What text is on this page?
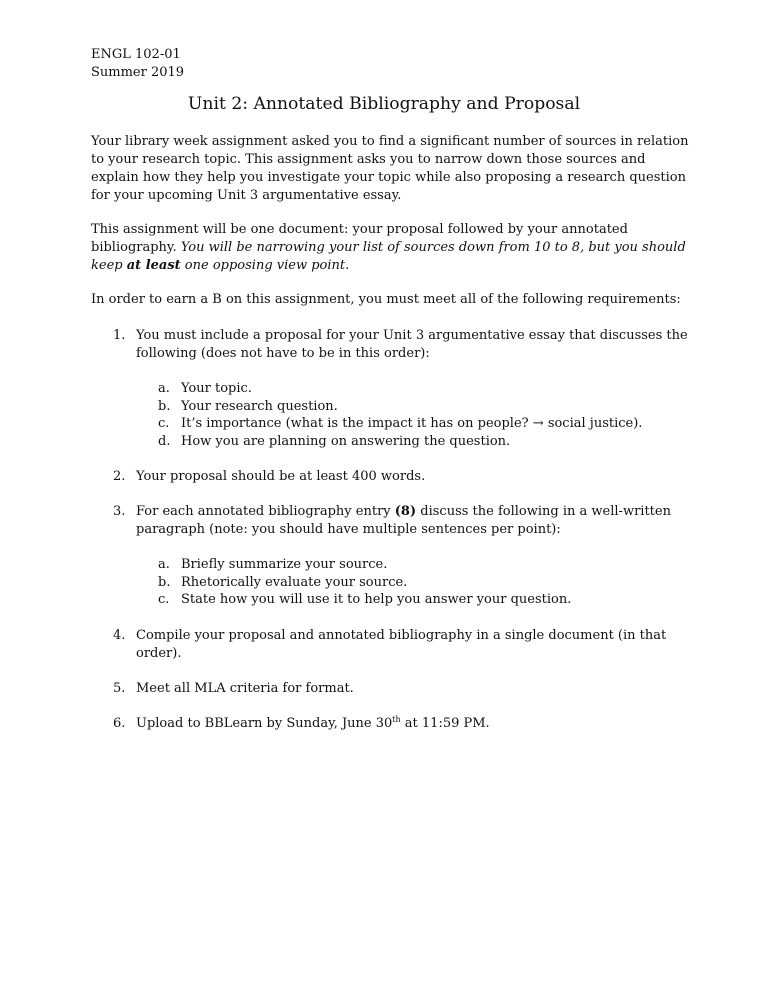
ENGL 102-01
Summer 2019
Unit 2: Annotated Bibliography and Proposal
Your library week assignment asked you to find a significant number of sources in relation to your research topic. This assignment asks you to narrow down those sources and explain how they help you investigate your topic while also proposing a research question for your upcoming Unit 3 argumentative essay.
This assignment will be one document: your proposal followed by your annotated bibliography. You will be narrowing your list of sources down from 10 to 8, but you should keep at least one opposing view point.
In order to earn a B on this assignment, you must meet all of the following requirements:
1. You must include a proposal for your Unit 3 argumentative essay that discusses the following (does not have to be in this order):
a. Your topic.
b. Your research question.
c. It’s importance (what is the impact it has on people? → social justice).
d. How you are planning on answering the question.
2. Your proposal should be at least 400 words.
3. For each annotated bibliography entry (8) discuss the following in a well-written paragraph (note: you should have multiple sentences per point):
a. Briefly summarize your source.
b. Rhetorically evaluate your source.
c. State how you will use it to help you answer your question.
4. Compile your proposal and annotated bibliography in a single document (in that order).
5. Meet all MLA criteria for format.
6. Upload to BBLearn by Sunday, June 30th at 11:59 PM.
